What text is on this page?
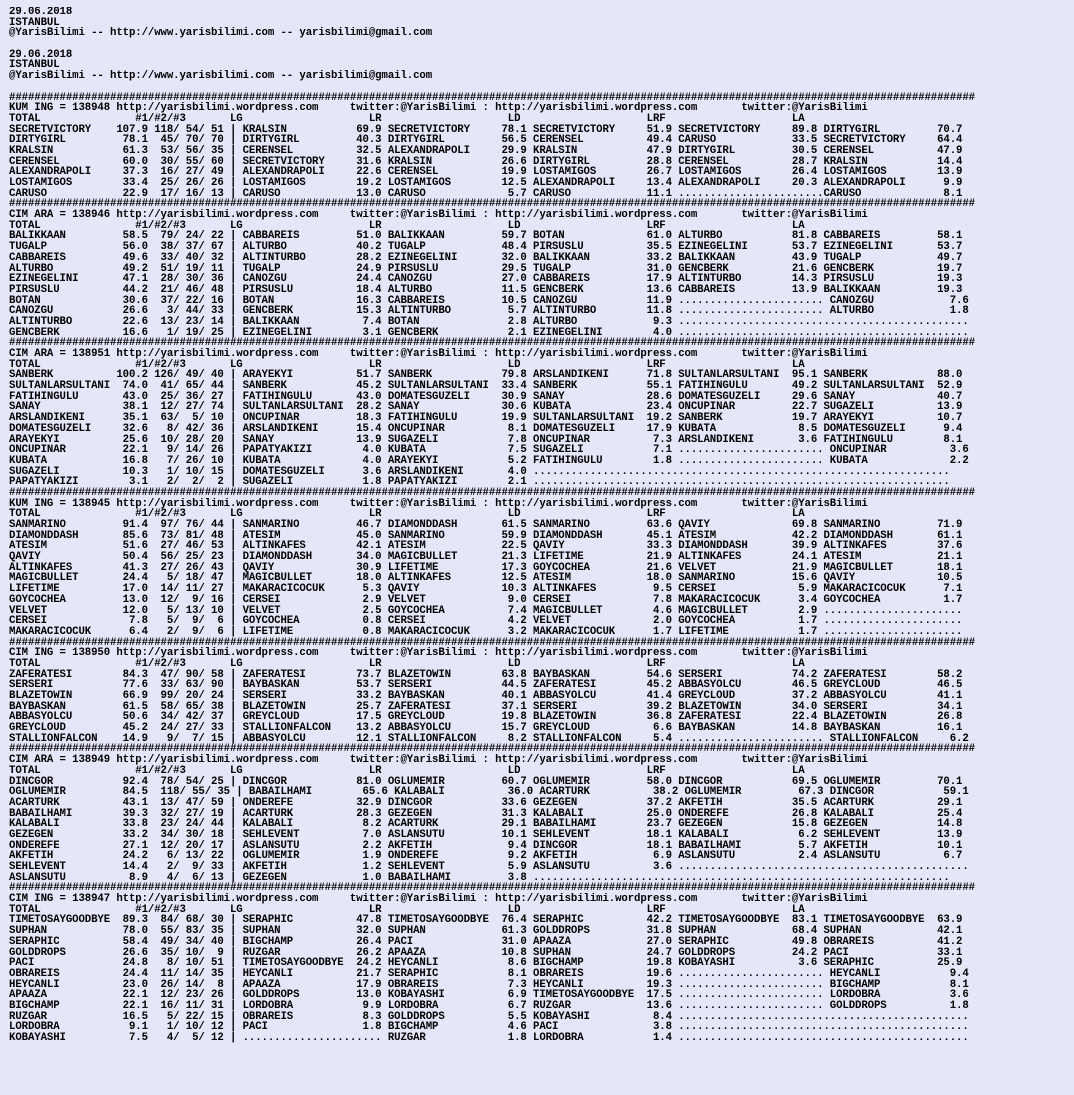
29.06.2018
ISTANBUL
@YarisBilimi -- http://www.yarisbilimi.com -- yarisbilimi@gmail.com
29.06.2018
ISTANBUL
@YarisBilimi -- http://www.yarisbilimi.com -- yarisbilimi@gmail.com
#########################################################################################################################################################
KUM ING = 138948 http://yarisbilimi.wordpress.com     twitter:@YarisBilimi : http://yarisbilimi.wordpress.com       twitter:@YarisBilimi
TOTAL               #1/#2/#3       LG                    LR                    LD                    LRF                    LA
SECRETVICTORY    107.9 118/ 54/ 51 | KRALSIN           69.9 SECRETVICTORY     78.1 SECRETVICTORY     51.9 SECRETVICTORY     89.8 DIRTYGIRL         70.7
DIRTYGIRL         78.1  45/ 70/ 70 | DIRTYGIRL         40.3 DIRTYGIRL         56.5 CERENSEL          49.4 CARUSO            33.5 SECRETVICTORY     64.4
KRALSIN           61.3  53/ 56/ 35 | CERENSEL          32.5 ALEXANDRAPOLI     29.9 KRALSIN           47.9 DIRTYGIRL         30.5 CERENSEL          47.9
CERENSEL          60.0  30/ 55/ 60 | SECRETVICTORY     31.6 KRALSIN           26.6 DIRTYGIRL         28.8 CERENSEL          28.7 KRALSIN           14.4
ALEXANDRAPOLI     37.3  16/ 27/ 49 | ALEXANDRAPOLI     22.6 CERENSEL          19.9 LOSTAMIGOS        26.7 LOSTAMIGOS        26.4 LOSTAMIGOS        13.9
LOSTAMIGOS        33.4  25/ 26/ 26 | LOSTAMIGOS        19.2 LOSTAMIGOS        12.5 ALEXANDRAPOLI     13.4 ALEXANDRAPOLI     20.3 ALEXANDRAPOLI      9.9
CARUSO            22.9  17/ 16/ 13 | CARUSO            13.0 CARUSO             5.7 CARUSO            11.1 .......................CARUSO             8.1
#########################################################################################################################################################
CIM ARA = 138946 http://yarisbilimi.wordpress.com     twitter:@YarisBilimi : http://yarisbilimi.wordpress.com       twitter:@YarisBilimi
TOTAL               #1/#2/#3       LG                    LR                    LD                    LRF                    LA
BALIKKAAN         58.5  79/ 24/ 22 | CABBAREIS         51.0 BALIKKAAN         59.7 BOTAN             61.0 ALTURBO           81.8 CABBAREIS         58.1
TUGALP            56.0  38/ 37/ 67 | ALTURBO           40.2 TUGALP            48.4 PIRSUSLU          35.5 EZINEGELINI       53.7 EZINEGELINI       53.7
CABBAREIS         49.6  33/ 40/ 32 | ALTINTURBO        28.2 EZINEGELINI       32.0 BALIKKAAN         33.2 BALIKKAAN         43.9 TUGALP            49.7
ALTURBO           49.2  51/ 19/ 11 | TUGALP            24.9 PIRSUSLU          29.5 TUGALP            31.0 GENCBERK          21.6 GENCBERK          19.7
EZINEGELINI       47.1  28/ 30/ 36 | CANOZGU           24.4 CANOZGU           27.0 CABBAREIS         17.9 ALTINTURBO        14.3 PIRSUSLU          19.3
PIRSUSLU          44.2  21/ 46/ 48 | PIRSUSLU          18.4 ALTURBO           11.5 GENCBERK          13.6 CABBAREIS         13.9 BALIKKAAN         19.3
BOTAN             30.6  37/ 22/ 16 | BOTAN             16.3 CABBAREIS         10.5 CANOZGU           11.9 ....................... CANOZGU            7.6
CANOZGU           26.6   3/ 44/ 33 | GENCBERK          15.3 ALTINTURBO         5.7 ALTINTURBO        11.8 ....................... ALTURBO            1.8
ALTINTURBO        22.6  13/ 23/ 14 | BALIKKAAN          7.4 BOTAN              2.8 ALTURBO            9.3 ..............................................
GENCBERK          16.6   1/ 19/ 25 | EZINEGELINI        3.1 GENCBERK           2.1 EZINEGELINI        4.0 ..............................................
#########################################################################################################################################################
CIM ARA = 138951 http://yarisbilimi.wordpress.com     twitter:@YarisBilimi : http://yarisbilimi.wordpress.com       twitter:@YarisBilimi
TOTAL               #1/#2/#3       LG                    LR                    LD                    LRF                    LA
SANBERK          100.2 126/ 49/ 40 | ARAYEKYI          51.7 SANBERK           79.8 ARSLANDIKENI      71.8 SULTANLARSULTANI  95.1 SANBERK           88.0
SULTANLARSULTANI  74.0  41/ 65/ 44 | SANBERK           45.2 SULTANLARSULTANI  33.4 SANBERK           55.1 FATIHINGULU       49.2 SULTANLARSULTANI  52.9
FATIHINGULU       43.0  25/ 36/ 27 | FATIHINGULU       43.0 DOMATESGUZELI     30.9 SANAY             28.6 DOMATESGUZELI     29.6 SANAY             40.7
SANAY             38.1  12/ 27/ 74 | SULTANLARSULTANI  28.2 SANAY             30.6 KUBATA            23.4 ONCUPINAR         22.7 SUGAZELI          13.9
ARSLANDIKENI      35.1  63/  5/ 10 | ONCUPINAR         18.3 FATIHINGULU       19.9 SULTANLARSULTANI  19.2 SANBERK           19.7 ARAYEKYI          10.7
DOMATESGUZELI     32.6   8/ 42/ 36 | ARSLANDIKENI      15.4 ONCUPINAR          8.1 DOMATESGUZELI     17.9 KUBATA             8.5 DOMATESGUZELI      9.4
ARAYEKYI          25.6  10/ 28/ 20 | SANAY             13.9 SUGAZELI           7.8 ONCUPINAR          7.3 ARSLANDIKENI       3.6 FATIHINGULU        8.1
ONCUPINAR         22.1   9/ 14/ 26 | PAPATYAKIZI        4.0 KUBATA             7.5 SUGAZELI           7.1 ....................... ONCUPINAR          3.6
KUBATA            16.8   7/ 26/ 10 | KUBATA             4.0 ARAYEKYI           5.2 FATIHINGULU        1.8 ....................... KUBATA             2.2
SUGAZELI          10.3   1/ 10/ 15 | DOMATESGUZELI      3.6 ARSLANDIKENI       4.0 ..................................................................
PAPATYAKIZI        3.1   2/  2/  2 | SUGAZELI           1.8 PAPATYAKIZI        2.1 ..................................................................
#########################################################################################################################################################
KUM ING = 138945 http://yarisbilimi.wordpress.com     twitter:@YarisBilimi : http://yarisbilimi.wordpress.com       twitter:@YarisBilimi
TOTAL               #1/#2/#3       LG                    LR                    LD                    LRF                    LA
SANMARINO         91.4  97/ 76/ 44 | SANMARINO         46.7 DIAMONDDASH       61.5 SANMARINO         63.6 QAVIY             69.8 SANMARINO         71.9
DIAMONDDASH       85.6  73/ 81/ 48 | ATESIM            45.0 SANMARINO         59.9 DIAMONDDASH       45.1 ATESIM            42.2 DIAMONDDASH       61.1
ATESIM            51.6  27/ 46/ 53 | ALTINKAFES        42.1 ATESIM            22.5 QAVIY             33.3 DIAMONDDASH       39.9 ALTINKAFES        37.6
QAVIY             50.4  56/ 25/ 23 | DIAMONDDASH       34.0 MAGICBULLET       21.3 LIFETIME          21.9 ALTINKAFES        24.1 ATESIM            21.1
ALTINKAFES        41.3  27/ 26/ 43 | QAVIY             30.9 LIFETIME          17.3 GOYCOCHEA         21.6 VELVET            21.9 MAGICBULLET       18.1
MAGICBULLET       24.4   5/ 18/ 47 | MAGICBULLET       18.0 ALTINKAFES        12.5 ATESIM            18.0 SANMARINO         15.6 QAVIY             10.5
LIFETIME          17.0  14/ 11/ 27 | MAKARACICOCUK      5.3 QAVIY             10.3 ALTINKAFES         9.5 CERSEI             5.9 MAKARACICOCUK      7.1
GOYCOCHEA         13.0  12/  9/ 16 | CERSEI             2.9 VELVET             9.0 CERSEI             7.8 MAKARACICOCUK      3.4 GOYCOCHEA          1.7
VELVET            12.0   5/ 13/ 10 | VELVET             2.5 GOYCOCHEA          7.4 MAGICBULLET        4.6 MAGICBULLET        2.9 ......................
CERSEI             7.8   5/  9/  6 | GOYCOCHEA          0.8 CERSEI             4.2 VELVET             2.0 GOYCOCHEA          1.7 ......................
MAKARACICOCUK      6.4   2/  9/  6 | LIFETIME           0.8 MAKARACICOCUK      3.2 MAKARACICOCUK      1.7 LIFETIME           1.7 ......................
#########################################################################################################################################################
CIM ING = 138950 http://yarisbilimi.wordpress.com     twitter:@YarisBilimi : http://yarisbilimi.wordpress.com       twitter:@YarisBilimi
TOTAL               #1/#2/#3       LG                    LR                    LD                    LRF                    LA
ZAFERATESI        84.3  47/ 90/ 58 | ZAFERATESI        73.7 BLAZETOWIN        63.8 BAYBASKAN         54.6 SERSERI           74.2 ZAFERATESI        58.2
SERSERI           77.6  33/ 63/ 90 | BAYBASKAN         53.7 SERSERI           44.5 ZAFERATESI        45.2 ABBASYOLCU        46.5 GREYCLOUD         46.5
BLAZETOWIN        66.9  99/ 20/ 24 | SERSERI           33.2 BAYBASKAN         40.1 ABBASYOLCU        41.4 GREYCLOUD         37.2 ABBASYOLCU        41.1
BAYBASKAN         61.5  58/ 65/ 38 | BLAZETOWIN        25.7 ZAFERATESI        37.1 SERSERI           39.2 BLAZETOWIN        34.0 SERSERI           34.1
ABBASYOLCU        50.6  34/ 42/ 37 | GREYCLOUD         17.5 GREYCLOUD         19.8 BLAZETOWIN        36.8 ZAFERATESI        22.4 BLAZETOWIN        26.8
GREYCLOUD         45.2  24/ 27/ 33 | STALLIONFALCON    13.2 ABBASYOLCU        15.7 GREYCLOUD          6.6 BAYBASKAN         14.8 BAYBASKAN         16.1
STALLIONFALCON    14.9   9/  7/ 15 | ABBASYOLCU        12.1 STALLIONFALCON     8.2 STALLIONFALCON     5.4 ....................... STALLIONFALCON     6.2
#########################################################################################################################################################
CIM ARA = 138949 http://yarisbilimi.wordpress.com     twitter:@YarisBilimi : http://yarisbilimi.wordpress.com       twitter:@YarisBilimi
TOTAL               #1/#2/#3       LG                    LR                    LD                    LRF                    LA
DINCGOR           92.4  78/ 54/ 25 | DINCGOR           81.0 OGLUMEMIR         60.7 OGLUMEMIR         58.0 DINCGOR           69.5 OGLUMEMIR         70.1
OGLUMEMIR         84.5  118/ 55/ 35 | BABAILHAMI        65.6 KALABALI          36.0 ACARTURK          38.2 OGLUMEMIR         67.3 DINCGOR           59.1
ACARTURK          43.1  13/ 47/ 59 | ONDEREFE          32.9 DINCGOR           33.6 GEZEGEN           37.2 AKFETIH           35.5 ACARTURK          29.1
BABAILHAMI        39.3  32/ 27/ 19 | ACARTURK          28.3 GEZEGEN           31.3 KALABALI          25.0 ONDEREFE          26.8 KALABALI          25.4
KALABALI          33.8  23/ 24/ 44 | KALABALI           8.2 ACARTURK          29.1 BABAILHAMI        23.7 GEZEGEN           15.8 GEZEGEN           14.8
GEZEGEN           33.2  34/ 30/ 18 | SEHLEVENT          7.0 ASLANSUTU         10.1 SEHLEVENT         18.1 KALABALI           6.2 SEHLEVENT         13.9
ONDEREFE          27.1  12/ 20/ 17 | ASLANSUTU          2.2 AKFETIH            9.4 DINCGOR           18.1 BABAILHAMI         5.7 AKFETIH           10.1
AKFETIH           24.2   6/ 13/ 22 | OGLUMEMIR          1.9 ONDEREFE           9.2 AKFETIH            6.9 ASLANSUTU          2.4 ASLANSUTU          6.7
SEHLEVENT         14.4   2/  9/ 33 | AKFETIH            1.2 SEHLEVENT          5.9 ASLANSUTU          3.6 ..............................................
ASLANSUTU          8.9   4/  6/ 13 | GEZEGEN            1.0 BABAILHAMI         3.8 ..................................................................
#########################################################################################################################################################
CIM ING = 138947 http://yarisbilimi.wordpress.com     twitter:@YarisBilimi : http://yarisbilimi.wordpress.com       twitter:@YarisBilimi
TOTAL               #1/#2/#3       LG                    LR                    LD                    LRF                    LA
TIMETOSAYGOODBYE  89.3  84/ 68/ 30 | SERAPHIC          47.8 TIMETOSAYGOODBYE  76.4 SERAPHIC          42.2 TIMETOSAYGOODBYE  83.1 TIMETOSAYGOODBYE  63.9
SUPHAN            78.0  55/ 83/ 35 | SUPHAN            32.0 SUPHAN            61.3 GOLDDROPS         31.8 SUPHAN            68.4 SUPHAN            42.1
SERAPHIC          58.4  49/ 34/ 40 | BIGCHAMP          26.4 PACI              31.0 APAAZA            27.0 SERAPHIC          49.8 OBRAREIS          41.2
GOLDDROPS         26.6  35/ 10/  9 | RUZGAR            26.2 APAAZA            10.8 SUPHAN            24.7 GOLDDROPS         24.2 PACI              33.1
PACI              24.8   8/ 10/ 51 | TIMETOSAYGOODBYE  24.2 HEYCANLI           8.6 BIGCHAMP          19.8 KOBAYASHI          3.6 SERAPHIC          25.9
OBRAREIS          24.4  11/ 14/ 35 | HEYCANLI          21.7 SERAPHIC           8.1 OBRAREIS          19.6 ....................... HEYCANLI           9.4
HEYCANLI          23.0  26/ 14/  8 | APAAZA            17.9 OBRAREIS           7.3 HEYCANLI          19.3 ....................... BIGCHAMP           8.1
APAAZA            22.1  12/ 23/ 26 | GOLDDROPS         13.0 KOBAYASHI          6.9 TIMETOSAYGOODBYE  17.5 ....................... LORDOBRA           3.6
BIGCHAMP          22.1  16/ 11/ 31 | LORDOBRA           9.9 LORDOBRA           6.7 RUZGAR            13.6 ....................... GOLDDROPS          1.8
RUZGAR            16.5   5/ 22/ 15 | OBRAREIS           8.3 GOLDDROPS          5.5 KOBAYASHI          8.4 ..............................................
LORDOBRA           9.1   1/ 10/ 12 | PACI               1.8 BIGCHAMP           4.6 PACI               3.8 ..............................................
KOBAYASHI          7.5   4/  5/ 12 | ...................... RUZGAR             1.8 LORDOBRA           1.4 ..............................................
